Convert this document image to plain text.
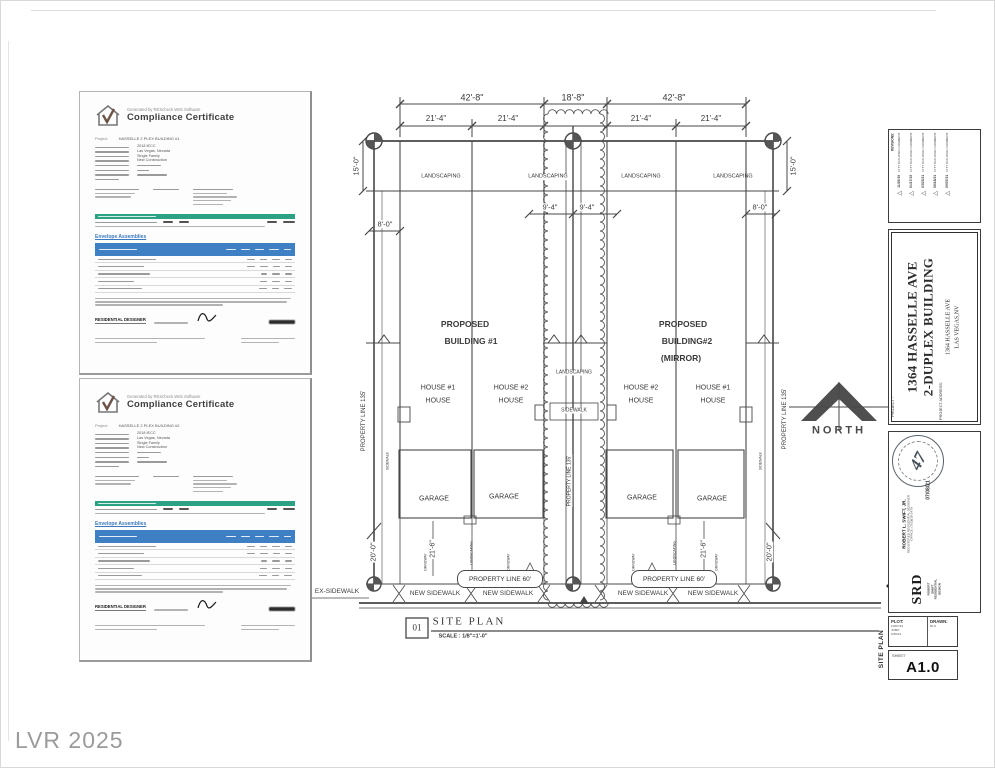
LVR 2025
Generated by REScheck Web Software
Compliance Certificate
Project	HASSELLE 2 PLEX BUILDING #1
2018 IECC
Las Vegas, Nevada
Single Family
New Construction
Envelope Assemblies
RESIDENTIAL DESIGNER
Generated by REScheck Web Software
Compliance Certificate
Project	HASSELLE 2 PLEX BUILDING #2
2018 IECC
Las Vegas, Nevada
Single Family
New Construction
Envelope Assemblies
RESIDENTIAL DESIGNER
42'-8"	18'-8"	42'-8"
21'-4"	21'-4"	21'-4"	21'-4"
15'-0"	15'-0"
LANDSCAPING	LANDSCAPING	LANDSCAPING	LANDSCAPING
9'-4"	9'-4"
8'-0"
8'-0"
PROPERTY LINE 135'	PROPERTY LINE 135'
SIDEWALK	SIDEWALK
PROPOSED
BUILDING #1
PROPOSED
BUILDING#2
(MIRROR)
LANDSCAPING
SIDEWALK
PROPERTY LINE 135'
HOUSE #1
HOUSE
HOUSE #2
HOUSE
HOUSE #2
HOUSE
HOUSE #1
HOUSE
GARAGE	GARAGE	GARAGE	GARAGE
21'-6"	21'-6"
20'-0"	20'-0"
DRIVEWAY	DRIVEWAY	DRIVEWAY	DRIVEWAY
LANDSCAPING	LANDSCAPING
PROPERTY LINE 60'	PROPERTY LINE 60'
NEW SIDEWALK	NEW SIDEWALK	NEW SIDEWALK	NEW SIDEWALK
EX-SIDEWALK
01 SITE PLAN
SCALE : 1/8"=1'-0"
NORTH
REVISIONS:
△
11/25/19
CITY BUILDING COMMENT
△
01/17/19
CITY BUILDING COMMENT
△
03/23/21
CITY BUILDING COMMENT
△
06/18/21
CITY BUILDING COMMENT
△
09/07/21
CITY BUILDING COMMENT
PROJECT :
1364 HASSELLE AVE 2-DUPLEX BUILDING
PROJECT ADDRESS:
1364 HASSELLE AVE LAS VEGAS,NV
47
07/08/21
ROBERT L. SWIFT, JR. REGISTERED RESIDENTIAL DESIGNER OFFICE: (702)518-2479
SRD ROBERT SWIFT RESIDENTIAL DESIGN
PLOT:
10/07/19
JOB#:
6/30/21
DRAWN:
RLS
SHEET
A1.0
SITE PLAN
